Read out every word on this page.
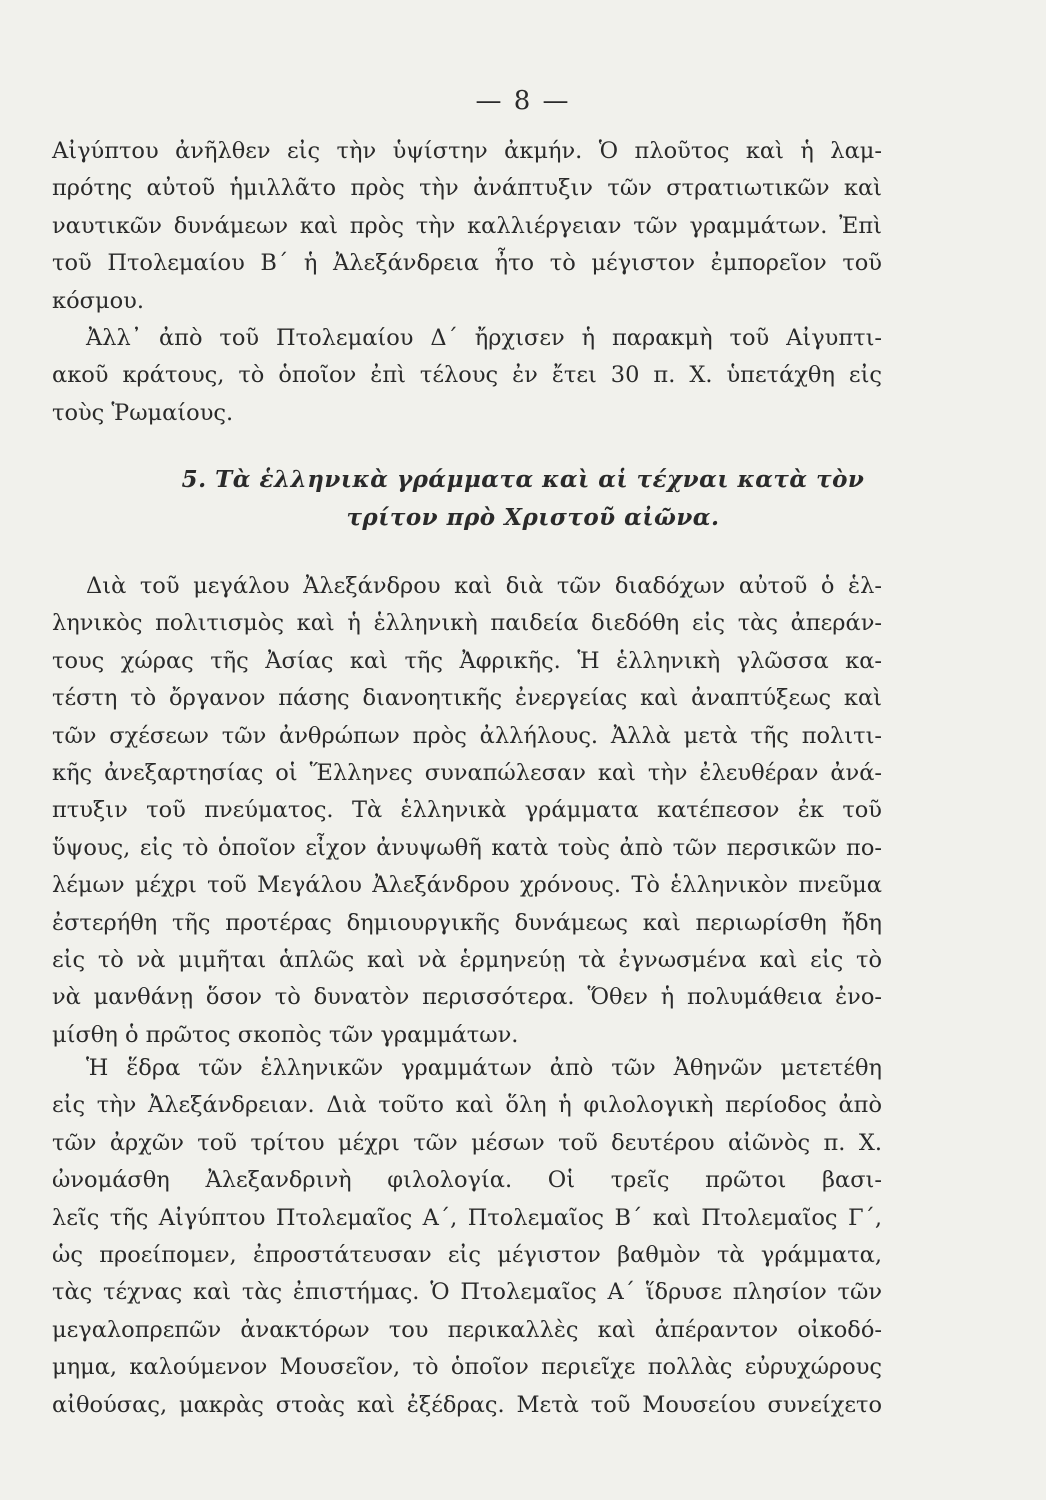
— 8 —
Αἰγύπτου ἀνῆλθεν εἰς τὴν ὑψίστην ἀκμήν. Ὁ πλοῦτος καὶ ἡ λαμ-
πρότης αὐτοῦ ἡμιλλᾶτο πρὸς τὴν ἀνάπτυξιν τῶν στρατιωτικῶν καὶ
ναυτικῶν δυνάμεων καὶ πρὸς τὴν καλλιέργειαν τῶν γραμμάτων. Ἐπὶ
τοῦ Πτολεμαίου Β΄ ἡ Ἀλεξάνδρεια ἦτο τὸ μέγιστον ἐμπορεῖον τοῦ
κόσμου.
Ἀλλ᾽ ἀπὸ τοῦ Πτολεμαίου Δ΄ ἤρχισεν ἡ παρακμὴ τοῦ Αἰγυπτι-
ακοῦ κράτους, τὸ ὁποῖον ἐπὶ τέλους ἐν ἔτει 30 π. Χ. ὑπετάχθη εἰς
τοὺς Ῥωμαίους.
5. Τὰ ἑλληνικὰ γράμματα καὶ αἱ τέχναι κατὰ τὸν
τρίτον πρὸ Χριστοῦ αἰῶνα.
Διὰ τοῦ μεγάλου Ἀλεξάνδρου καὶ διὰ τῶν διαδόχων αὐτοῦ ὁ ἑλ-
ληνικὸς πολιτισμὸς καὶ ἡ ἑλληνικὴ παιδεία διεδόθη εἰς τὰς ἀπεράν-
τους χώρας τῆς Ἀσίας καὶ τῆς Ἀφρικῆς. Ἡ ἑλληνικὴ γλῶσσα κα-
τέστη τὸ ὄργανον πάσης διανοητικῆς ἐνεργείας καὶ ἀναπτύξεως καὶ
τῶν σχέσεων τῶν ἀνθρώπων πρὸς ἀλλήλους. Ἀλλὰ μετὰ τῆς πολιτι-
κῆς ἀνεξαρτησίας οἱ Ἕλληνες συναπώλεσαν καὶ τὴν ἐλευθέραν ἀνά-
πτυξιν τοῦ πνεύματος. Τὰ ἑλληνικὰ γράμματα κατέπεσον ἐκ τοῦ
ὕψους, εἰς τὸ ὁποῖον εἶχον ἀνυψωθῆ κατὰ τοὺς ἀπὸ τῶν περσικῶν πο-
λέμων μέχρι τοῦ Μεγάλου Ἀλεξάνδρου χρόνους. Τὸ ἑλληνικὸν πνεῦμα
ἐστερήθη τῆς προτέρας δημιουργικῆς δυνάμεως καὶ περιωρίσθη ἤδη
εἰς τὸ νὰ μιμῆται ἁπλῶς καὶ νὰ ἑρμηνεύῃ τὰ ἐγνωσμένα καὶ εἰς τὸ
νὰ μανθάνῃ ὅσον τὸ δυνατὸν περισσότερα. Ὅθεν ἡ πολυμάθεια ἐνο-
μίσθη ὁ πρῶτος σκοπὸς τῶν γραμμάτων.
Ἡ ἕδρα τῶν ἑλληνικῶν γραμμάτων ἀπὸ τῶν Ἀθηνῶν μετετέθη
εἰς τὴν Ἀλεξάνδρειαν. Διὰ τοῦτο καὶ ὅλη ἡ φιλολογικὴ περίοδος ἀπὸ
τῶν ἀρχῶν τοῦ τρίτου μέχρι τῶν μέσων τοῦ δευτέρου αἰῶνὸς π. Χ.
ὠνομάσθη Ἀλεξανδρινὴ φιλολογία. Οἱ τρεῖς πρῶτοι βασι-
λεῖς τῆς Αἰγύπτου Πτολεμαῖος Α΄, Πτολεμαῖος Β΄ καὶ Πτολεμαῖος Γ΄,
ὡς προείπομεν, ἐπροστάτευσαν εἰς μέγιστον βαθμὸν τὰ γράμματα,
τὰς τέχνας καὶ τὰς ἐπιστήμας. Ὁ Πτολεμαῖος Α΄ ἵδρυσε πλησίον τῶν
μεγαλοπρεπῶν ἀνακτόρων του περικαλλὲς καὶ ἀπέραντον οἰκοδό-
μημα, καλούμενον Μουσεῖον, τὸ ὁποῖον περιεῖχε πολλὰς εὐρυχώρους
αἰθούσας, μακρὰς στοὰς καὶ ἐξέδρας. Μετὰ τοῦ Μουσείου συνείχετο
